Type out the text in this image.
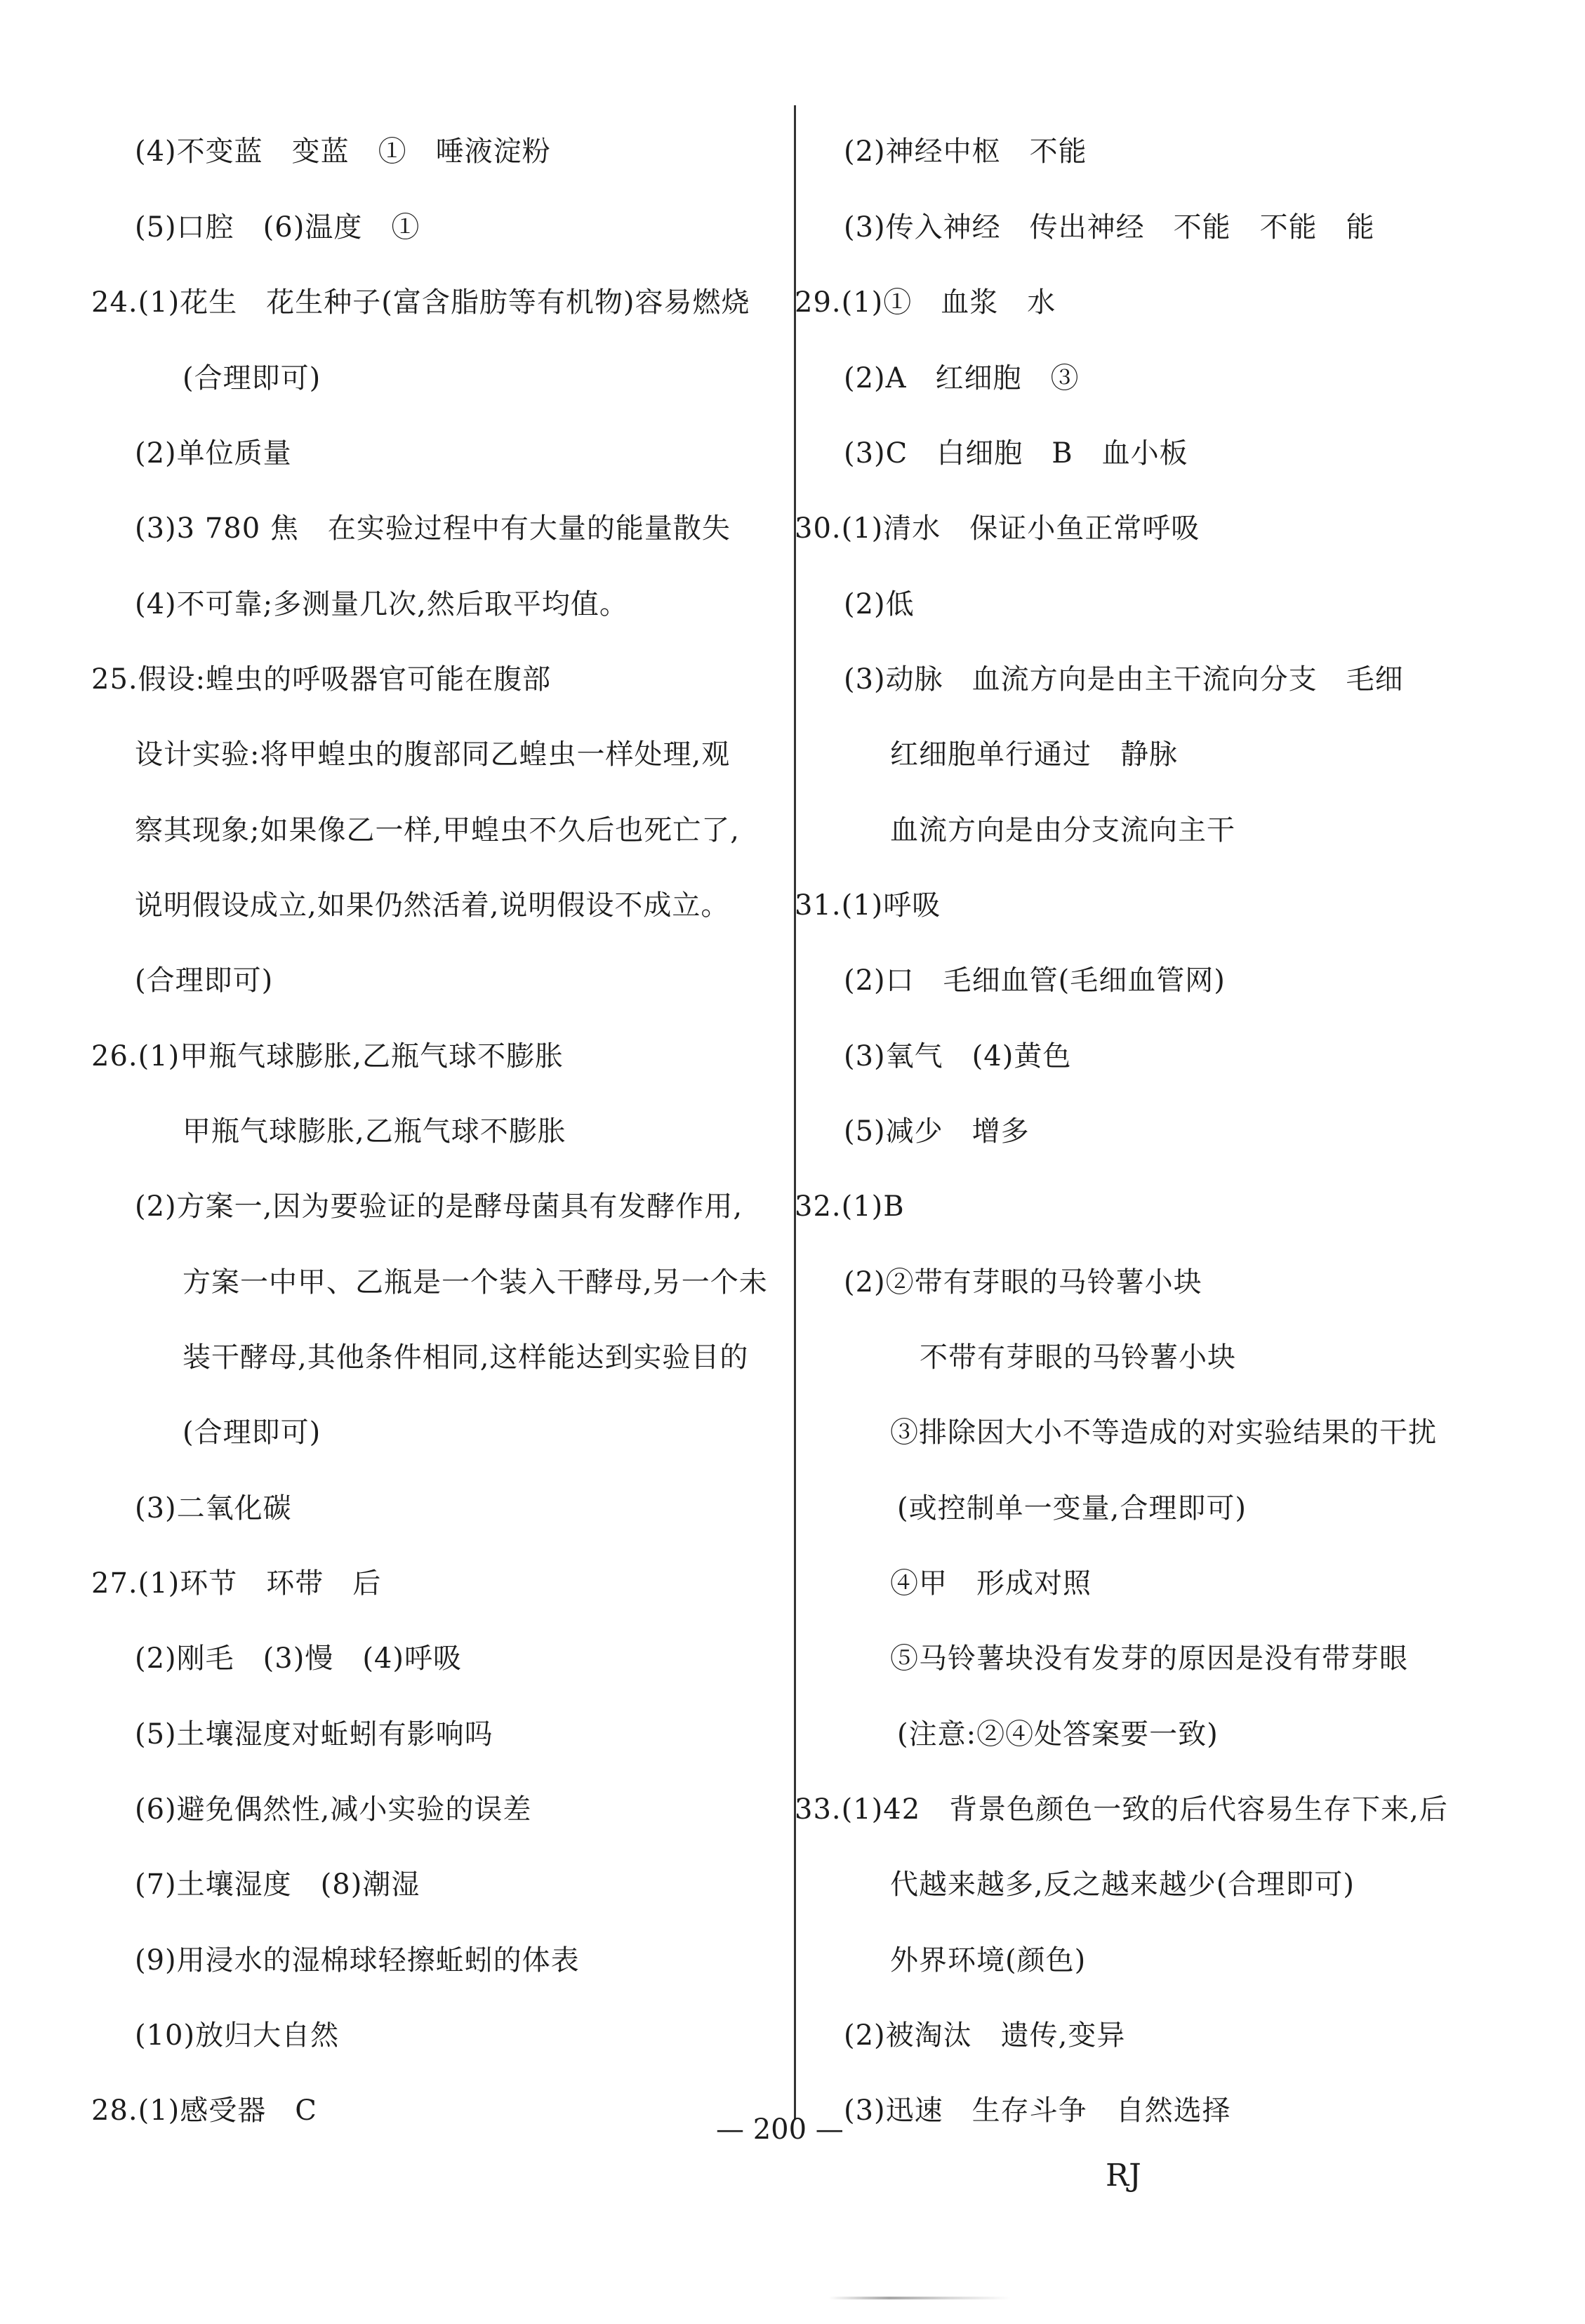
(4)不变蓝　变蓝　①　唾液淀粉
(5)口腔　(6)温度　①
24.(1)花生　花生种子(富含脂肪等有机物)容易燃烧
(合理即可)
(2)单位质量
(3)3 780 焦　在实验过程中有大量的能量散失
(4)不可靠;多测量几次,然后取平均值。
25.假设:蝗虫的呼吸器官可能在腹部
设计实验:将甲蝗虫的腹部同乙蝗虫一样处理,观
察其现象;如果像乙一样,甲蝗虫不久后也死亡了,
说明假设成立,如果仍然活着,说明假设不成立。
(合理即可)
26.(1)甲瓶气球膨胀,乙瓶气球不膨胀
甲瓶气球膨胀,乙瓶气球不膨胀
(2)方案一,因为要验证的是酵母菌具有发酵作用,
方案一中甲、乙瓶是一个装入干酵母,另一个未
装干酵母,其他条件相同,这样能达到实验目的
(合理即可)
(3)二氧化碳
27.(1)环节　环带　后
(2)刚毛　(3)慢　(4)呼吸
(5)土壤湿度对蚯蚓有影响吗
(6)避免偶然性,减小实验的误差
(7)土壤湿度　(8)潮湿
(9)用浸水的湿棉球轻擦蚯蚓的体表
(10)放归大自然
28.(1)感受器　C
(2)神经中枢　不能
(3)传入神经　传出神经　不能　不能　能
29.(1)①　血浆　水
(2)A　红细胞　③
(3)C　白细胞　B　血小板
30.(1)清水　保证小鱼正常呼吸
(2)低
(3)动脉　血流方向是由主干流向分支　毛细
红细胞单行通过　静脉
血流方向是由分支流向主干
31.(1)呼吸
(2)口　毛细血管(毛细血管网)
(3)氧气　(4)黄色
(5)减少　增多
32.(1)B
(2)②带有芽眼的马铃薯小块
不带有芽眼的马铃薯小块
③排除因大小不等造成的对实验结果的干扰
(或控制单一变量,合理即可)
④甲　形成对照
⑤马铃薯块没有发芽的原因是没有带芽眼
(注意:②④处答案要一致)
33.(1)42　背景色颜色一致的后代容易生存下来,后
代越来越多,反之越来越少(合理即可)
外界环境(颜色)
(2)被淘汰　遗传,变异
(3)迅速　生存斗争　自然选择
— 200 —
RJ
